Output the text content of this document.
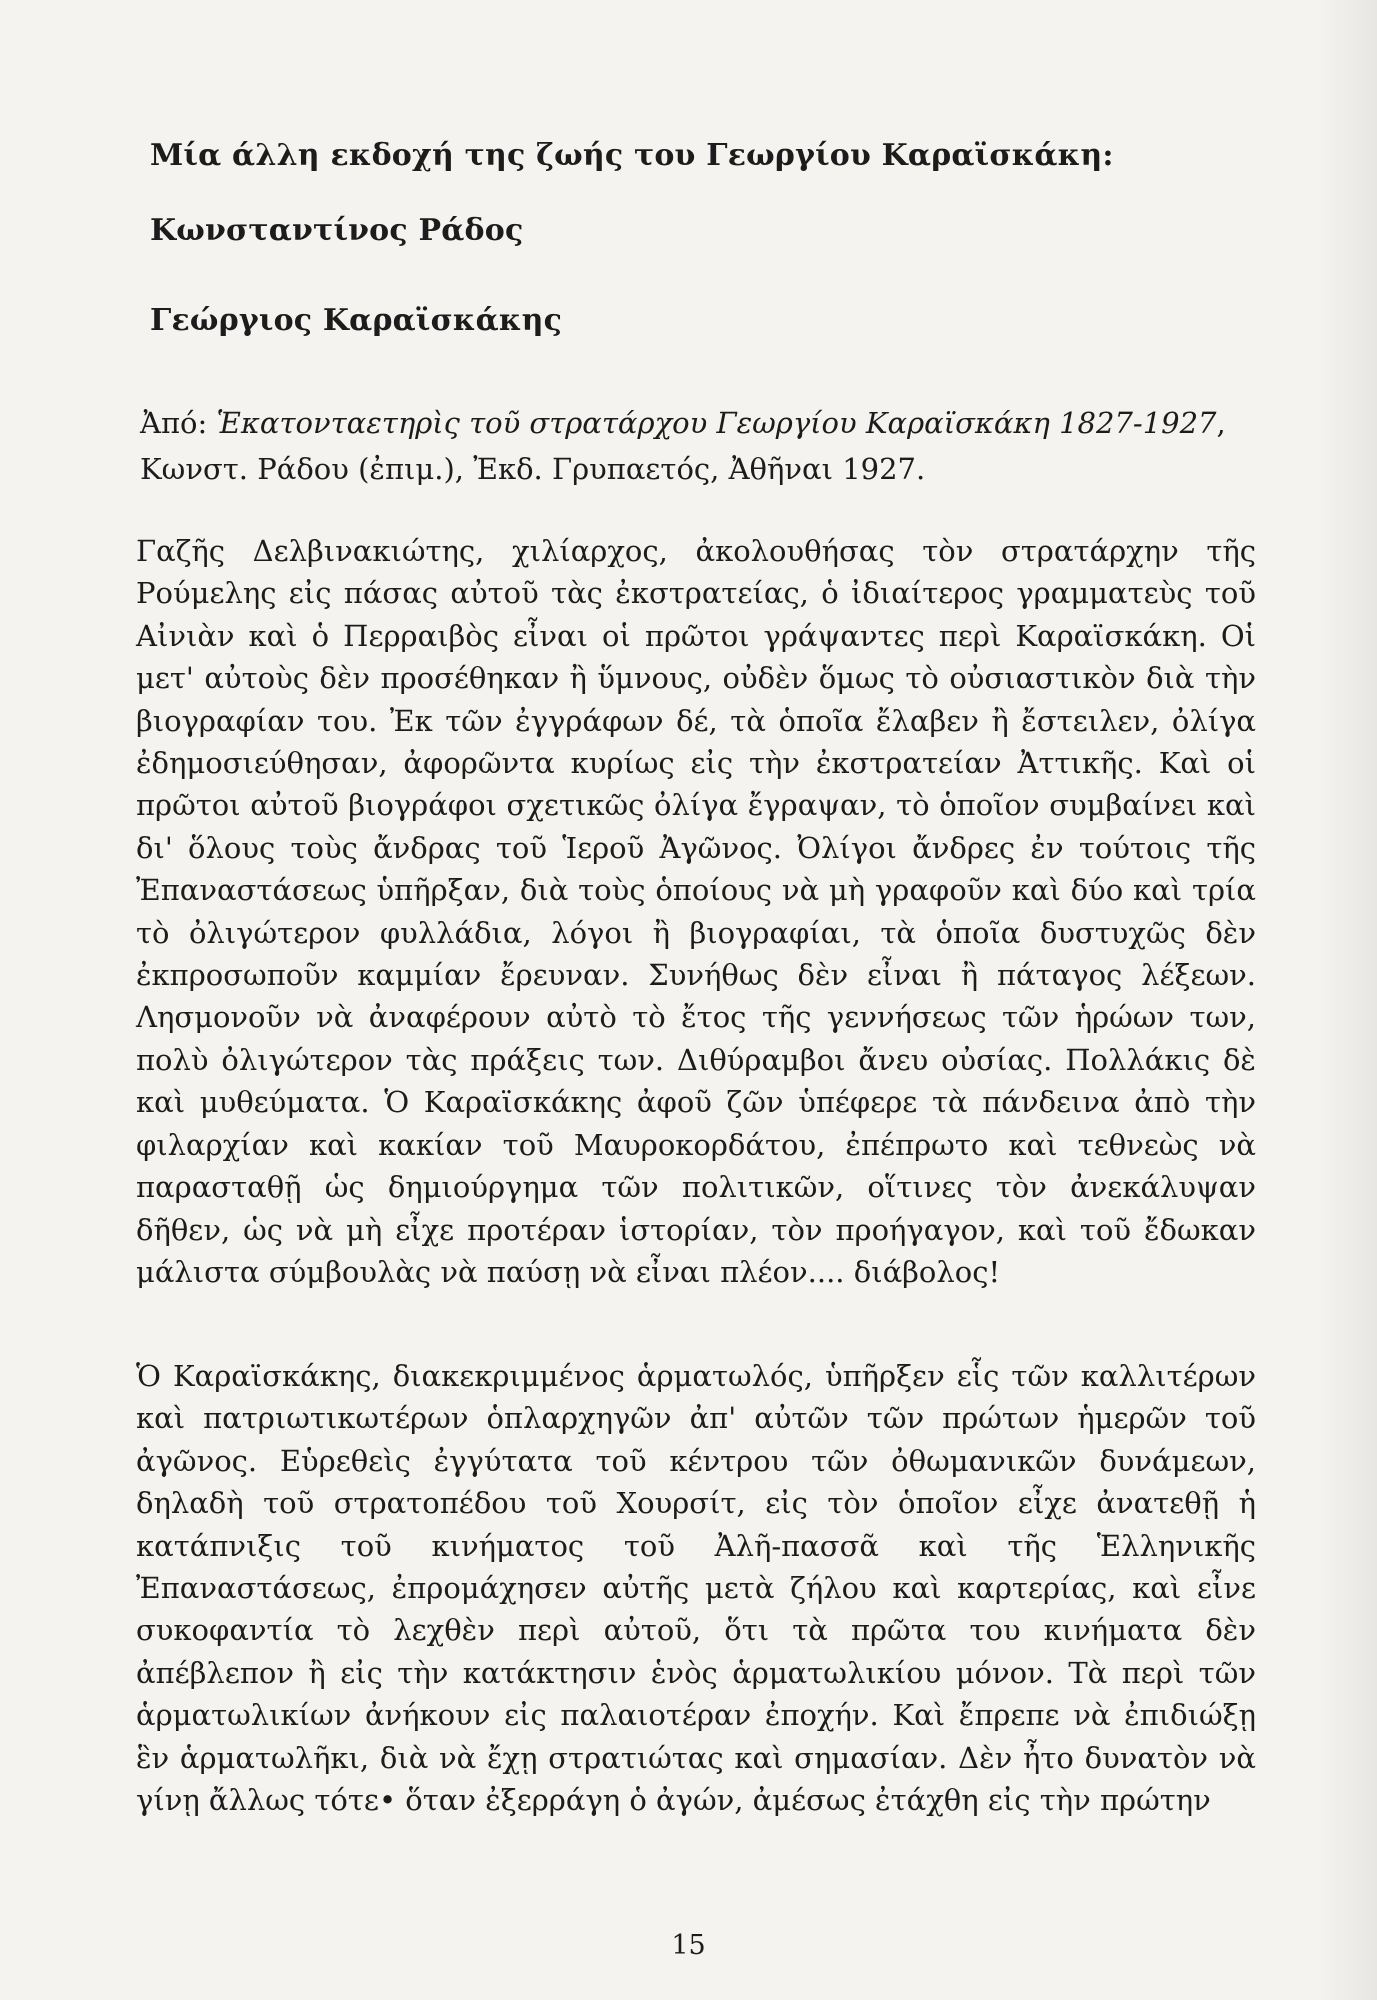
Μία άλλη εκδοχή της ζωής του Γεωργίου Καραϊσκάκη:
Κωνσταντίνος Ράδος
Γεώργιος Καραϊσκάκης
Ἀπό: Ἑκατονταετηρὶς τοῦ στρατάρχου Γεωργίου Καραϊσκάκη 1827-1927, Κωνστ. Ράδου (ἐπιμ.), Ἐκδ. Γρυπαετός, Ἀθῆναι 1927.

Γαζῆς Δελβινακιώτης, χιλίαρχος, ἀκολουθήσας τὸν στρατάρχην τῆς Ρούμελης εἰς πάσας αὐτοῦ τὰς ἐκστρατείας, ὁ ἰδιαίτερος γραμματεὺς τοῦ Αἰνιὰν καὶ ὁ Περραιβὸς εἶναι οἱ πρῶτοι γράψαντες περὶ Καραϊσκάκη. Οἱ μετ' αὐτοὺς δὲν προσέθηκαν ἢ ὕμνους, οὐδὲν ὅμως τὸ οὐσιαστικὸν διὰ τὴν βιογραφίαν του. Ἐκ τῶν ἐγγράφων δέ, τὰ ὁποῖα ἔλαβεν ἢ ἔστειλεν, ὀλίγα ἐδημοσιεύθησαν, ἀφορῶντα κυρίως εἰς τὴν ἐκστρατείαν Ἀττικῆς. Καὶ οἱ πρῶτοι αὐτοῦ βιογράφοι σχετικῶς ὀλίγα ἔγραψαν, τὸ ὁποῖον συμβαίνει καὶ δι' ὅλους τοὺς ἄνδρας τοῦ Ἱεροῦ Ἀγῶνος. Ὀλίγοι ἄνδρες ἐν τούτοις τῆς Ἐπαναστάσεως ὑπῆρξαν, διὰ τοὺς ὁποίους νὰ μὴ γραφοῦν καὶ δύο καὶ τρία τὸ ὀλιγώτερον φυλλάδια, λόγοι ἢ βιογραφίαι, τὰ ὁποῖα δυστυχῶς δὲν ἐκπροσωποῦν καμμίαν ἔρευναν. Συνήθως δὲν εἶναι ἢ πάταγος λέξεων. Λησμονοῦν νὰ ἀναφέρουν αὐτὸ τὸ ἔτος τῆς γεννήσεως τῶν ἡρώων των, πολὺ ὀλιγώτερον τὰς πράξεις των. Διθύραμβοι ἄνευ οὐσίας. Πολλάκις δὲ καὶ μυθεύματα. Ὁ Καραϊσκάκης ἀφοῦ ζῶν ὑπέφερε τὰ πάνδεινα ἀπὸ τὴν φιλαρχίαν καὶ κακίαν τοῦ Μαυροκορδάτου, ἐπέπρωτο καὶ τεθνεὼς νὰ παρασταθῇ ὡς δημιούργημα τῶν πολιτικῶν, οἵτινες τὸν ἀνεκάλυψαν δῆθεν, ὡς νὰ μὴ εἶχε προτέραν ἱστορίαν, τὸν προήγαγον, καὶ τοῦ ἔδωκαν μάλιστα σύμβουλὰς νὰ παύσῃ νὰ εἶναι πλέον.... διάβολος!

Ὁ Καραϊσκάκης, διακεκριμμένος ἁρματωλός, ὑπῆρξεν εἷς τῶν καλλιτέρων καὶ πατριωτικωτέρων ὁπλαρχηγῶν ἀπ' αὐτῶν τῶν πρώτων ἡμερῶν τοῦ ἀγῶνος. Εὑρεθεὶς ἐγγύτατα τοῦ κέντρου τῶν ὀθωμανικῶν δυνάμεων, δηλαδὴ τοῦ στρατοπέδου τοῦ Χουρσίτ, εἰς τὸν ὁποῖον εἶχε ἀνατεθῇ ἡ κατάπνιξις τοῦ κινήματος τοῦ Ἀλῆ-πασσᾶ καὶ τῆς Ἑλληνικῆς Ἐπαναστάσεως, ἐπρομάχησεν αὐτῆς μετὰ ζήλου καὶ καρτερίας, καὶ εἶνε συκοφαντία τὸ λεχθὲν περὶ αὐτοῦ, ὅτι τὰ πρῶτα του κινήματα δὲν ἀπέβλεπον ἢ εἰς τὴν κατάκτησιν ἑνὸς ἁρματωλικίου μόνον. Τὰ περὶ τῶν ἁρματωλικίων ἀνήκουν εἰς παλαιοτέραν ἐποχήν. Καὶ ἔπρεπε νὰ ἐπιδιώξῃ ἓν ἁρματωλῆκι, διὰ νὰ ἔχῃ στρατιώτας καὶ σημασίαν. Δὲν ἦτο δυνατὸν νὰ γίνῃ ἄλλως τότε• ὅταν ἐξερράγη ὁ ἀγών, ἀμέσως ἐτάχθη εἰς τὴν πρώτην

15
